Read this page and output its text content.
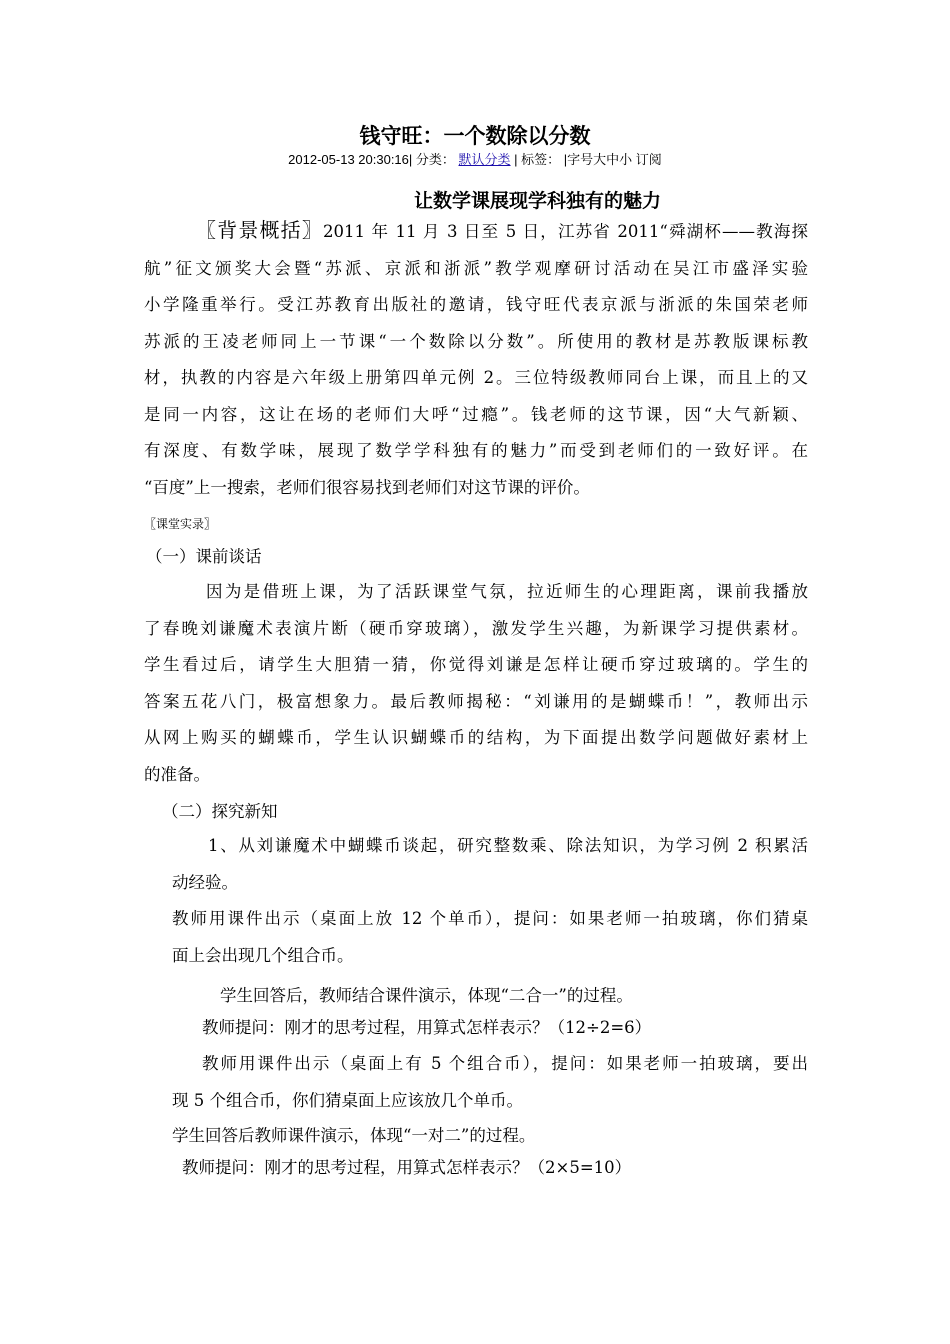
钱守旺：一个数除以分数
2012-05-13 20:30:16| 分类： 默认分类 | 标签： |字号大中小 订阅
让数学课展现学科独有的魅力
〖背景概括〗2011 年 11 月 3 日至 5 日，江苏省 2011“舜湖杯——教海探
航”征文颁奖大会暨“苏派、京派和浙派”教学观摩研讨活动在吴江市盛泽实验
小学隆重举行。受江苏教育出版社的邀请，钱守旺代表京派与浙派的朱国荣老师
苏派的王凌老师同上一节课“一个数除以分数”。所使用的教材是苏教版课标教
材，执教的内容是六年级上册第四单元例 2。三位特级教师同台上课，而且上的又
是同一内容，这让在场的老师们大呼“过瘾”。钱老师的这节课，因“大气新颖、
有深度、有数学味，展现了数学学科独有的魅力”而受到老师们的一致好评。在
“百度”上一搜索，老师们很容易找到老师们对这节课的评价。
〖课堂实录〗
（一）课前谈话
因为是借班上课，为了活跃课堂气氛，拉近师生的心理距离，课前我播放
了春晚刘谦魔术表演片断（硬币穿玻璃），激发学生兴趣，为新课学习提供素材。
学生看过后，请学生大胆猜一猜，你觉得刘谦是怎样让硬币穿过玻璃的。学生的
答案五花八门，极富想象力。最后教师揭秘：“刘谦用的是蝴蝶币！”，教师出示
从网上购买的蝴蝶币，学生认识蝴蝶币的结构，为下面提出数学问题做好素材上
的准备。
（二）探究新知
1、从刘谦魔术中蝴蝶币谈起，研究整数乘、除法知识，为学习例 2 积累活
动经验。
教师用课件出示（桌面上放 12 个单币），提问：如果老师一拍玻璃，你们猜桌
面上会出现几个组合币。
学生回答后，教师结合课件演示，体现“二合一”的过程。
教师提问：刚才的思考过程，用算式怎样表示？（12÷2=6）
教师用课件出示（桌面上有 5 个组合币），提问：如果老师一拍玻璃，要出
现 5 个组合币，你们猜桌面上应该放几个单币。
学生回答后教师课件演示，体现“一对二”的过程。
教师提问：刚才的思考过程，用算式怎样表示？（2×5=10）
